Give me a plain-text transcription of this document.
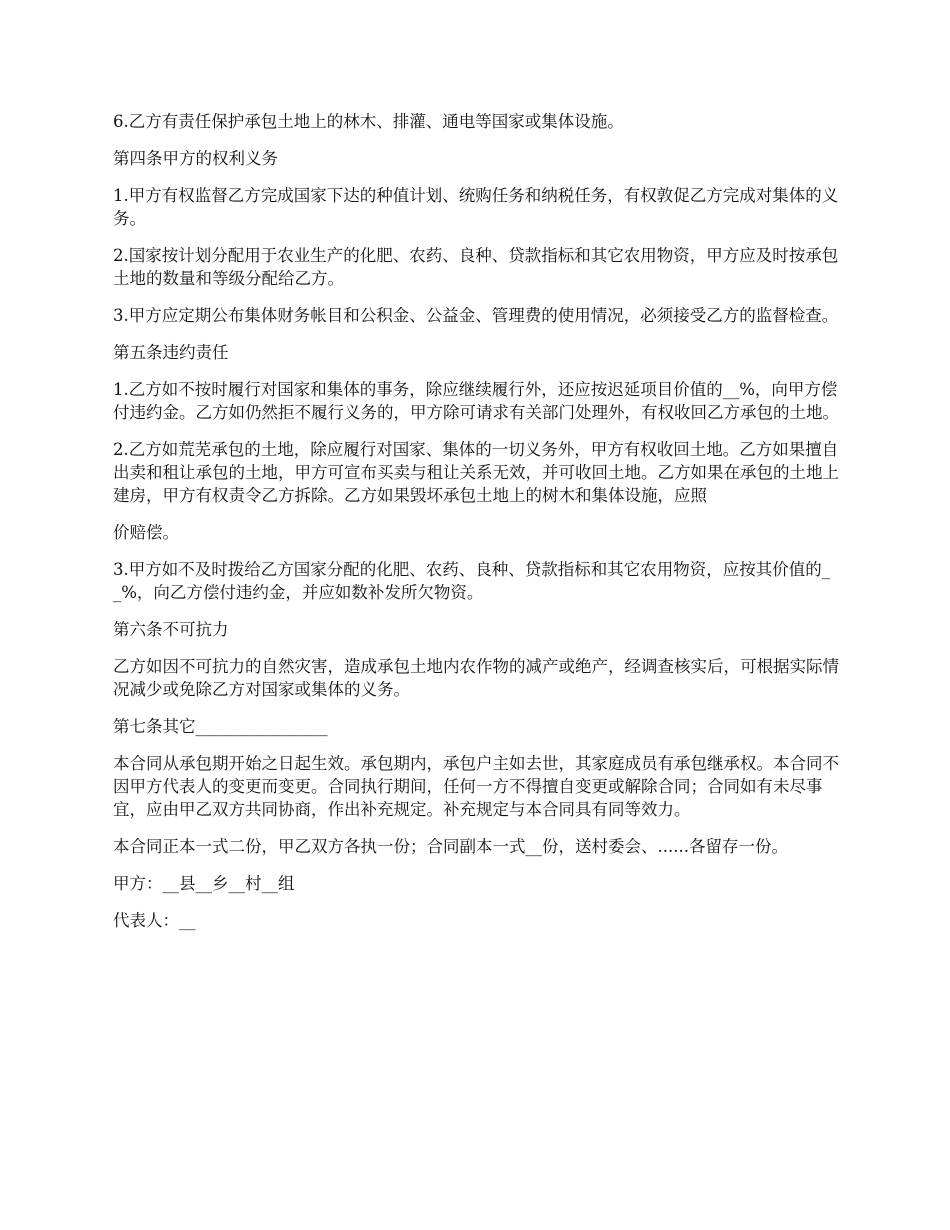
6.乙方有责任保护承包土地上的林木、排灌、通电等国家或集体设施。

第四条甲方的权利义务

1.甲方有权监督乙方完成国家下达的种值计划、统购任务和纳税任务，有权敦促乙方完成对集体的义务。

2.国家按计划分配用于农业生产的化肥、农药、良种、贷款指标和其它农用物资，甲方应及时按承包土地的数量和等级分配给乙方。

3.甲方应定期公布集体财务帐目和公积金、公益金、管理费的使用情况，必须接受乙方的监督检查。

第五条违约责任

1.乙方如不按时履行对国家和集体的事务，除应继续履行外，还应按迟延项目价值的__%，向甲方偿付违约金。乙方如仍然拒不履行义务的，甲方除可请求有关部门处理外，有权收回乙方承包的土地。

2.乙方如荒芜承包的土地，除应履行对国家、集体的一切义务外，甲方有权收回土地。乙方如果擅自出卖和租让承包的土地，甲方可宣布买卖与租让关系无效，并可收回土地。乙方如果在承包的土地上建房，甲方有权责令乙方拆除。乙方如果毁坏承包土地上的树木和集体设施，应照

价赔偿。

3.甲方如不及时拨给乙方国家分配的化肥、农药、良种、贷款指标和其它农用物资，应按其价值的__%，向乙方偿付违约金，并应如数补发所欠物资。

第六条不可抗力

乙方如因不可抗力的自然灾害，造成承包土地内农作物的减产或绝产，经调查核实后，可根据实际情况减少或免除乙方对国家或集体的义务。

第七条其它________________

本合同从承包期开始之日起生效。承包期内，承包户主如去世，其家庭成员有承包继承权。本合同不因甲方代表人的变更而变更。合同执行期间，任何一方不得擅自变更或解除合同；合同如有未尽事宜，应由甲乙双方共同协商，作出补充规定。补充规定与本合同具有同等效力。

本合同正本一式二份，甲乙双方各执一份；合同副本一式__份，送村委会、......各留存一份。

甲方：__县__乡__村__组

代表人：__
